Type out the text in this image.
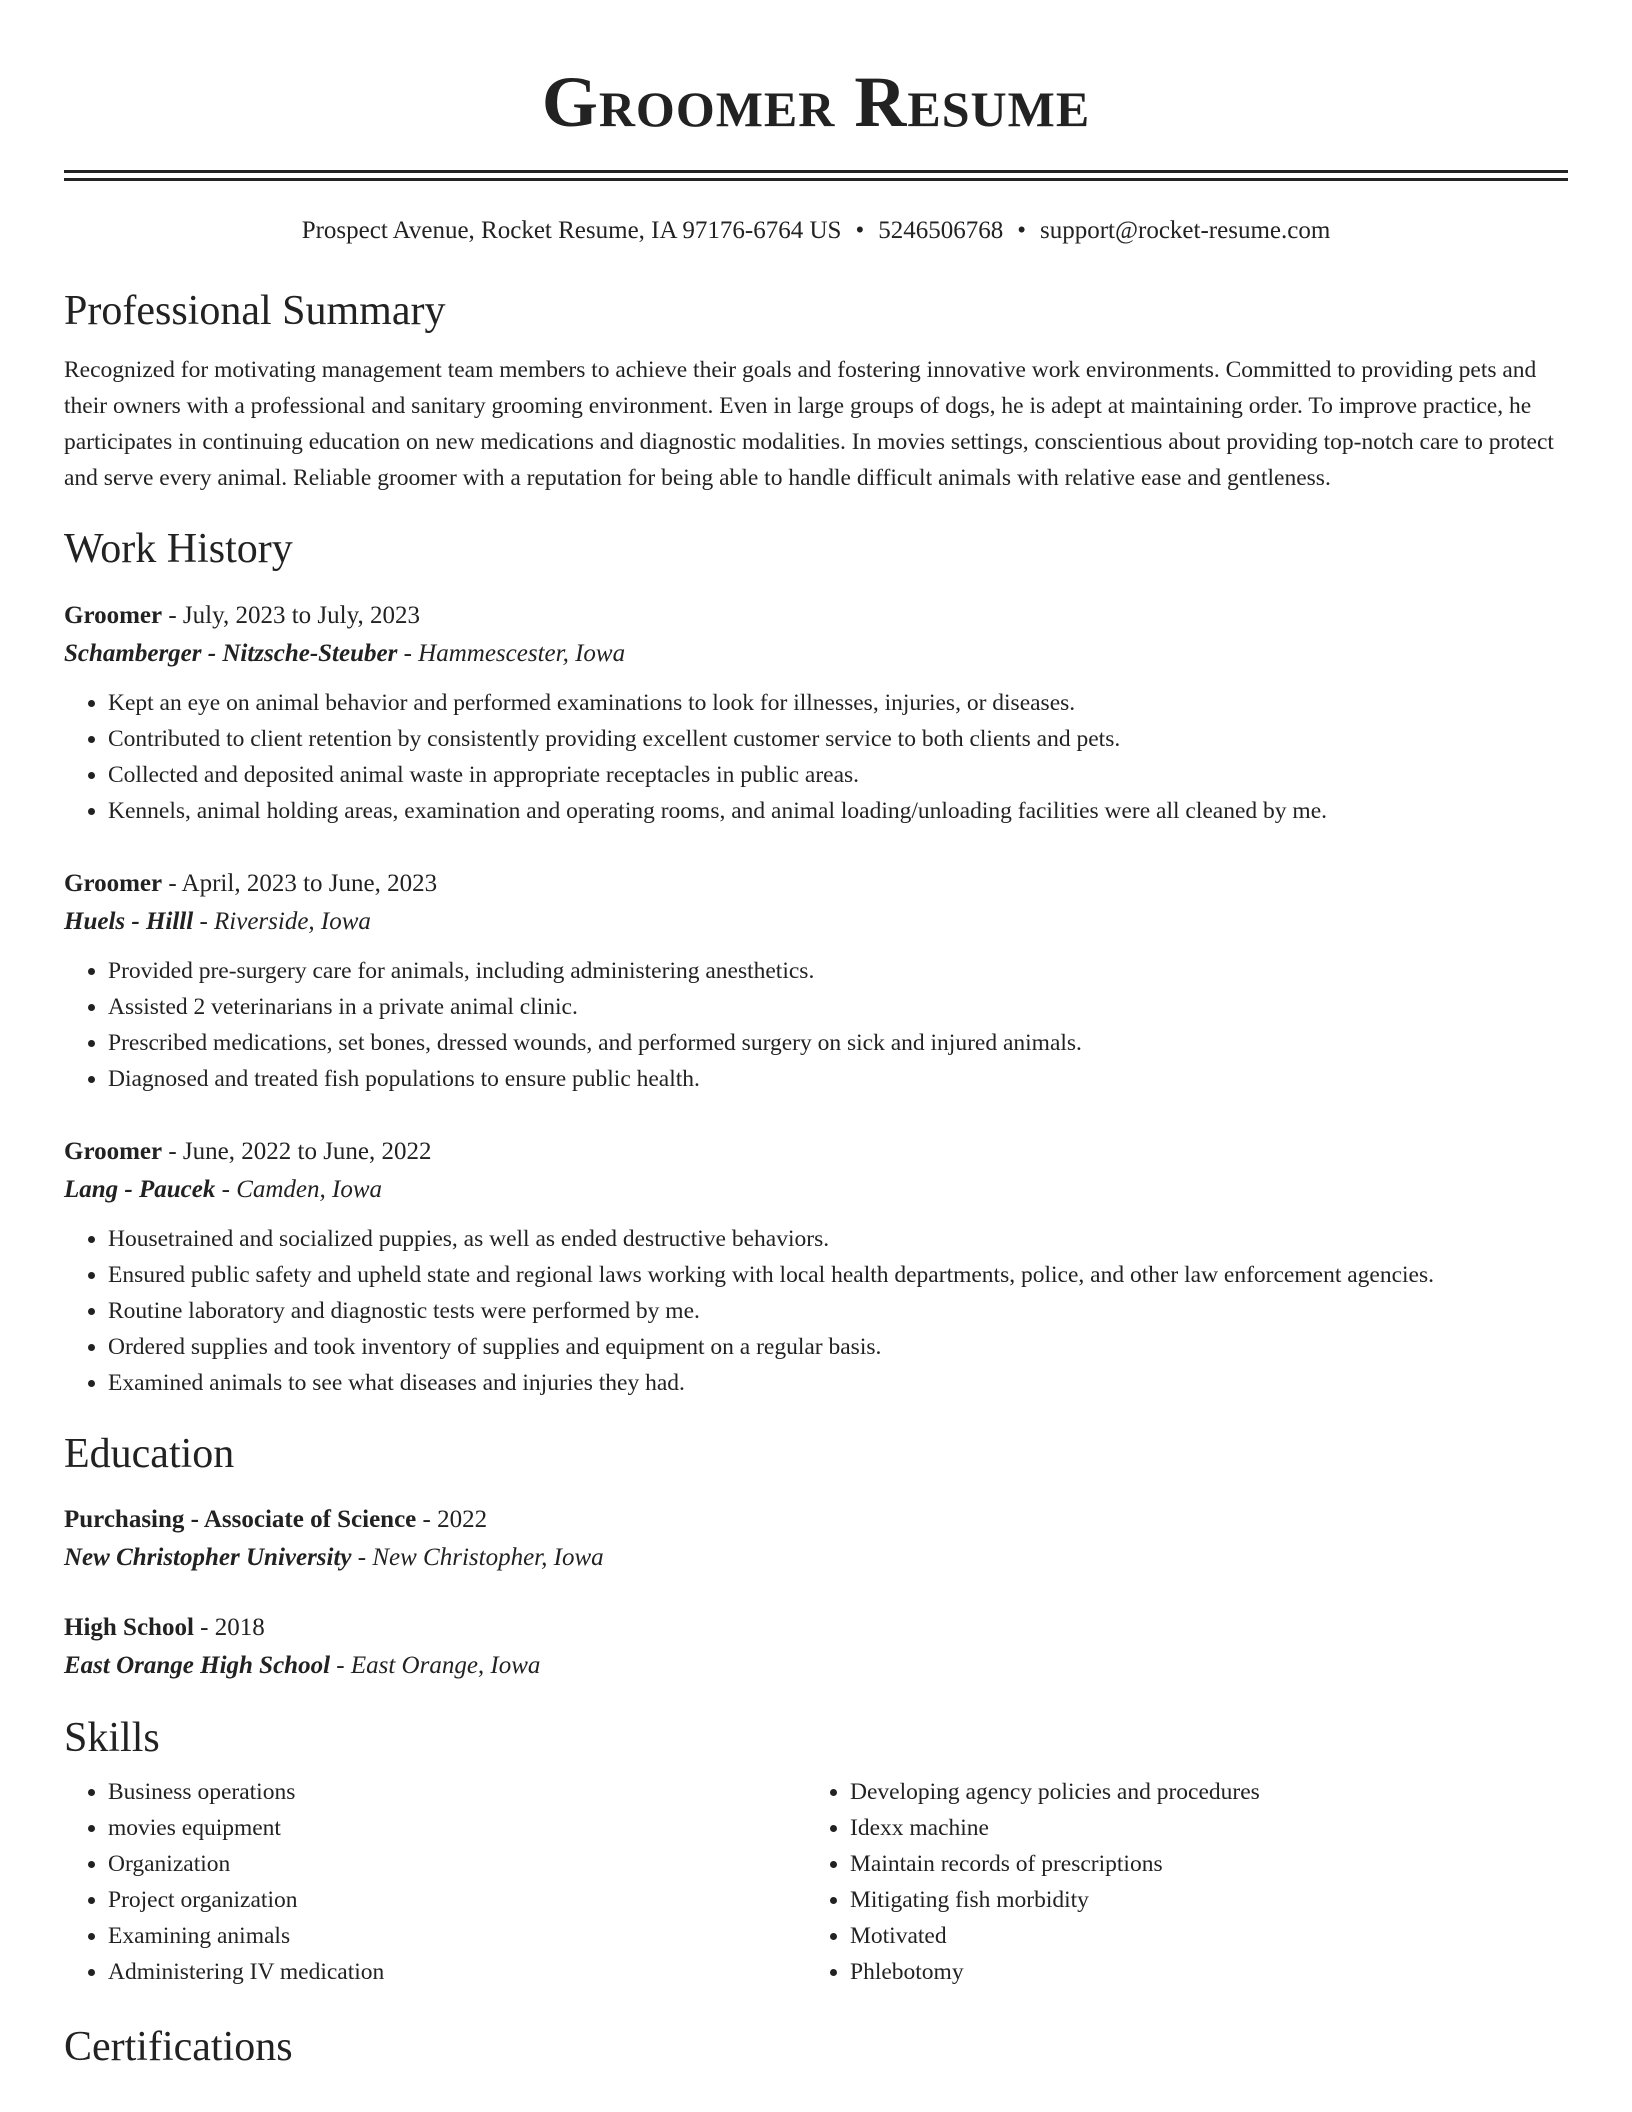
Groomer Resume
Prospect Avenue, Rocket Resume, IA 97176-6764 US • 5246506768 • support@rocket-resume.com
Professional Summary
Recognized for motivating management team members to achieve their goals and fostering innovative work environments. Committed to providing pets and their owners with a professional and sanitary grooming environment. Even in large groups of dogs, he is adept at maintaining order. To improve practice, he participates in continuing education on new medications and diagnostic modalities. In movies settings, conscientious about providing top-notch care to protect and serve every animal. Reliable groomer with a reputation for being able to handle difficult animals with relative ease and gentleness.
Work History
Groomer - July, 2023 to July, 2023
Schamberger - Nitzsche-Steuber - Hammescester, Iowa
• Kept an eye on animal behavior and performed examinations to look for illnesses, injuries, or diseases.
• Contributed to client retention by consistently providing excellent customer service to both clients and pets.
• Collected and deposited animal waste in appropriate receptacles in public areas.
• Kennels, animal holding areas, examination and operating rooms, and animal loading/unloading facilities were all cleaned by me.
Groomer - April, 2023 to June, 2023
Huels - Hilll - Riverside, Iowa
• Provided pre-surgery care for animals, including administering anesthetics.
• Assisted 2 veterinarians in a private animal clinic.
• Prescribed medications, set bones, dressed wounds, and performed surgery on sick and injured animals.
• Diagnosed and treated fish populations to ensure public health.
Groomer - June, 2022 to June, 2022
Lang - Paucek - Camden, Iowa
• Housetrained and socialized puppies, as well as ended destructive behaviors.
• Ensured public safety and upheld state and regional laws working with local health departments, police, and other law enforcement agencies.
• Routine laboratory and diagnostic tests were performed by me.
• Ordered supplies and took inventory of supplies and equipment on a regular basis.
• Examined animals to see what diseases and injuries they had.
Education
Purchasing - Associate of Science - 2022
New Christopher University - New Christopher, Iowa
High School - 2018
East Orange High School - East Orange, Iowa
Skills
• Business operations
• movies equipment
• Organization
• Project organization
• Examining animals
• Administering IV medication
• Developing agency policies and procedures
• Idexx machine
• Maintain records of prescriptions
• Mitigating fish morbidity
• Motivated
• Phlebotomy
Certifications
